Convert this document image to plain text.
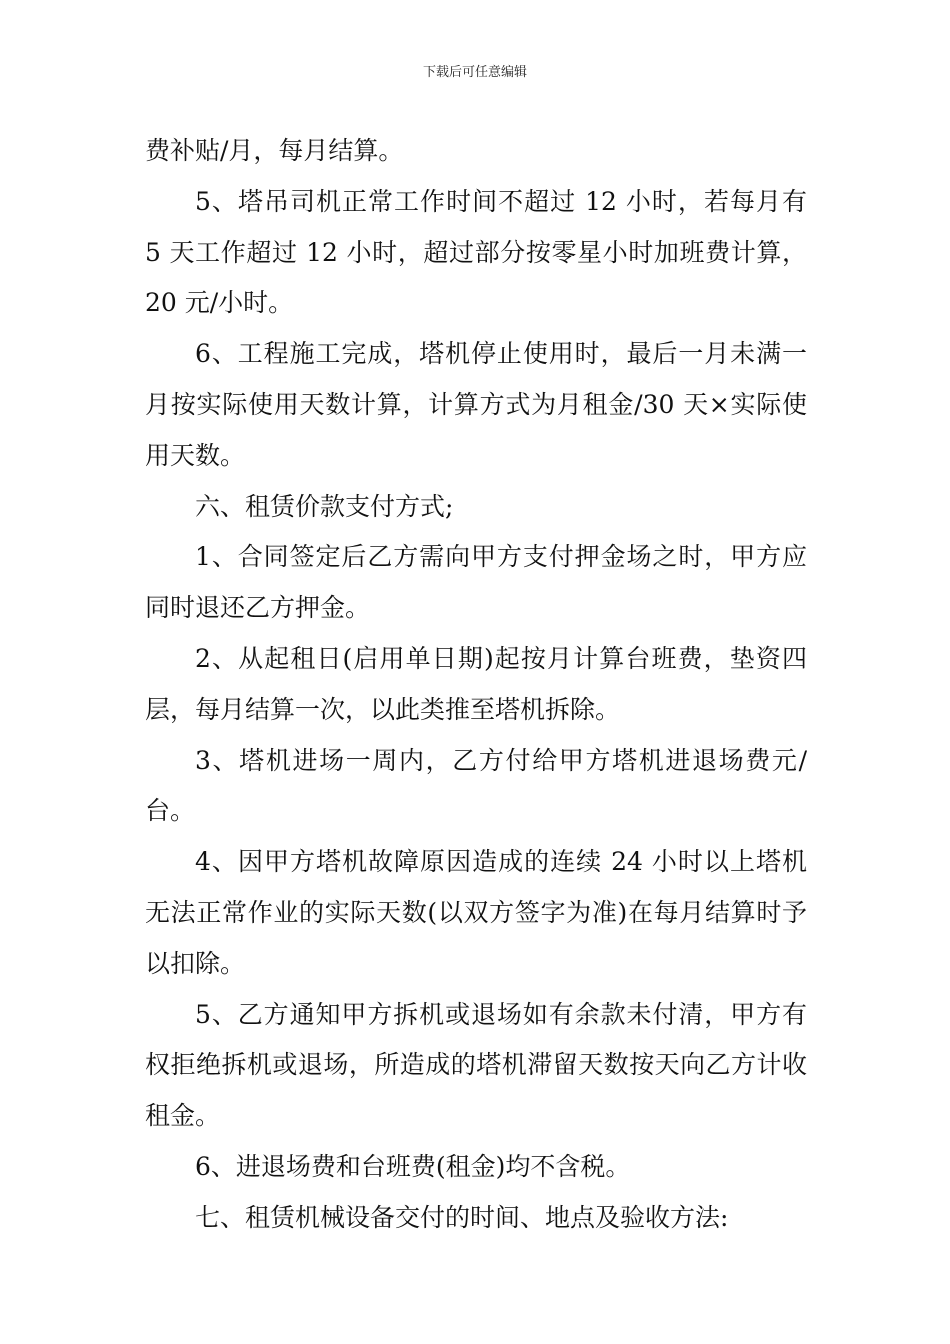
下载后可任意编辑

费补贴/月，每月结算。

5、塔吊司机正常工作时间不超过 12 小时，若每月有 5 天工作超过 12 小时，超过部分按零星小时加班费计算，20 元/小时。

6、工程施工完成，塔机停止使用时，最后一月未满一月按实际使用天数计算，计算方式为月租金/30 天×实际使用天数。

六、租赁价款支付方式;

1、合同签定后乙方需向甲方支付押金场之时，甲方应同时退还乙方押金。

2、从起租日(启用单日期)起按月计算台班费，垫资四层，每月结算一次，以此类推至塔机拆除。

3、塔机进场一周内，乙方付给甲方塔机进退场费元/台。

4、因甲方塔机故障原因造成的连续 24 小时以上塔机无法正常作业的实际天数(以双方签字为准)在每月结算时予以扣除。

5、乙方通知甲方拆机或退场如有余款未付清，甲方有权拒绝拆机或退场，所造成的塔机滞留天数按天向乙方计收租金。

6、进退场费和台班费(租金)均不含税。

七、租赁机械设备交付的时间、地点及验收方法:
